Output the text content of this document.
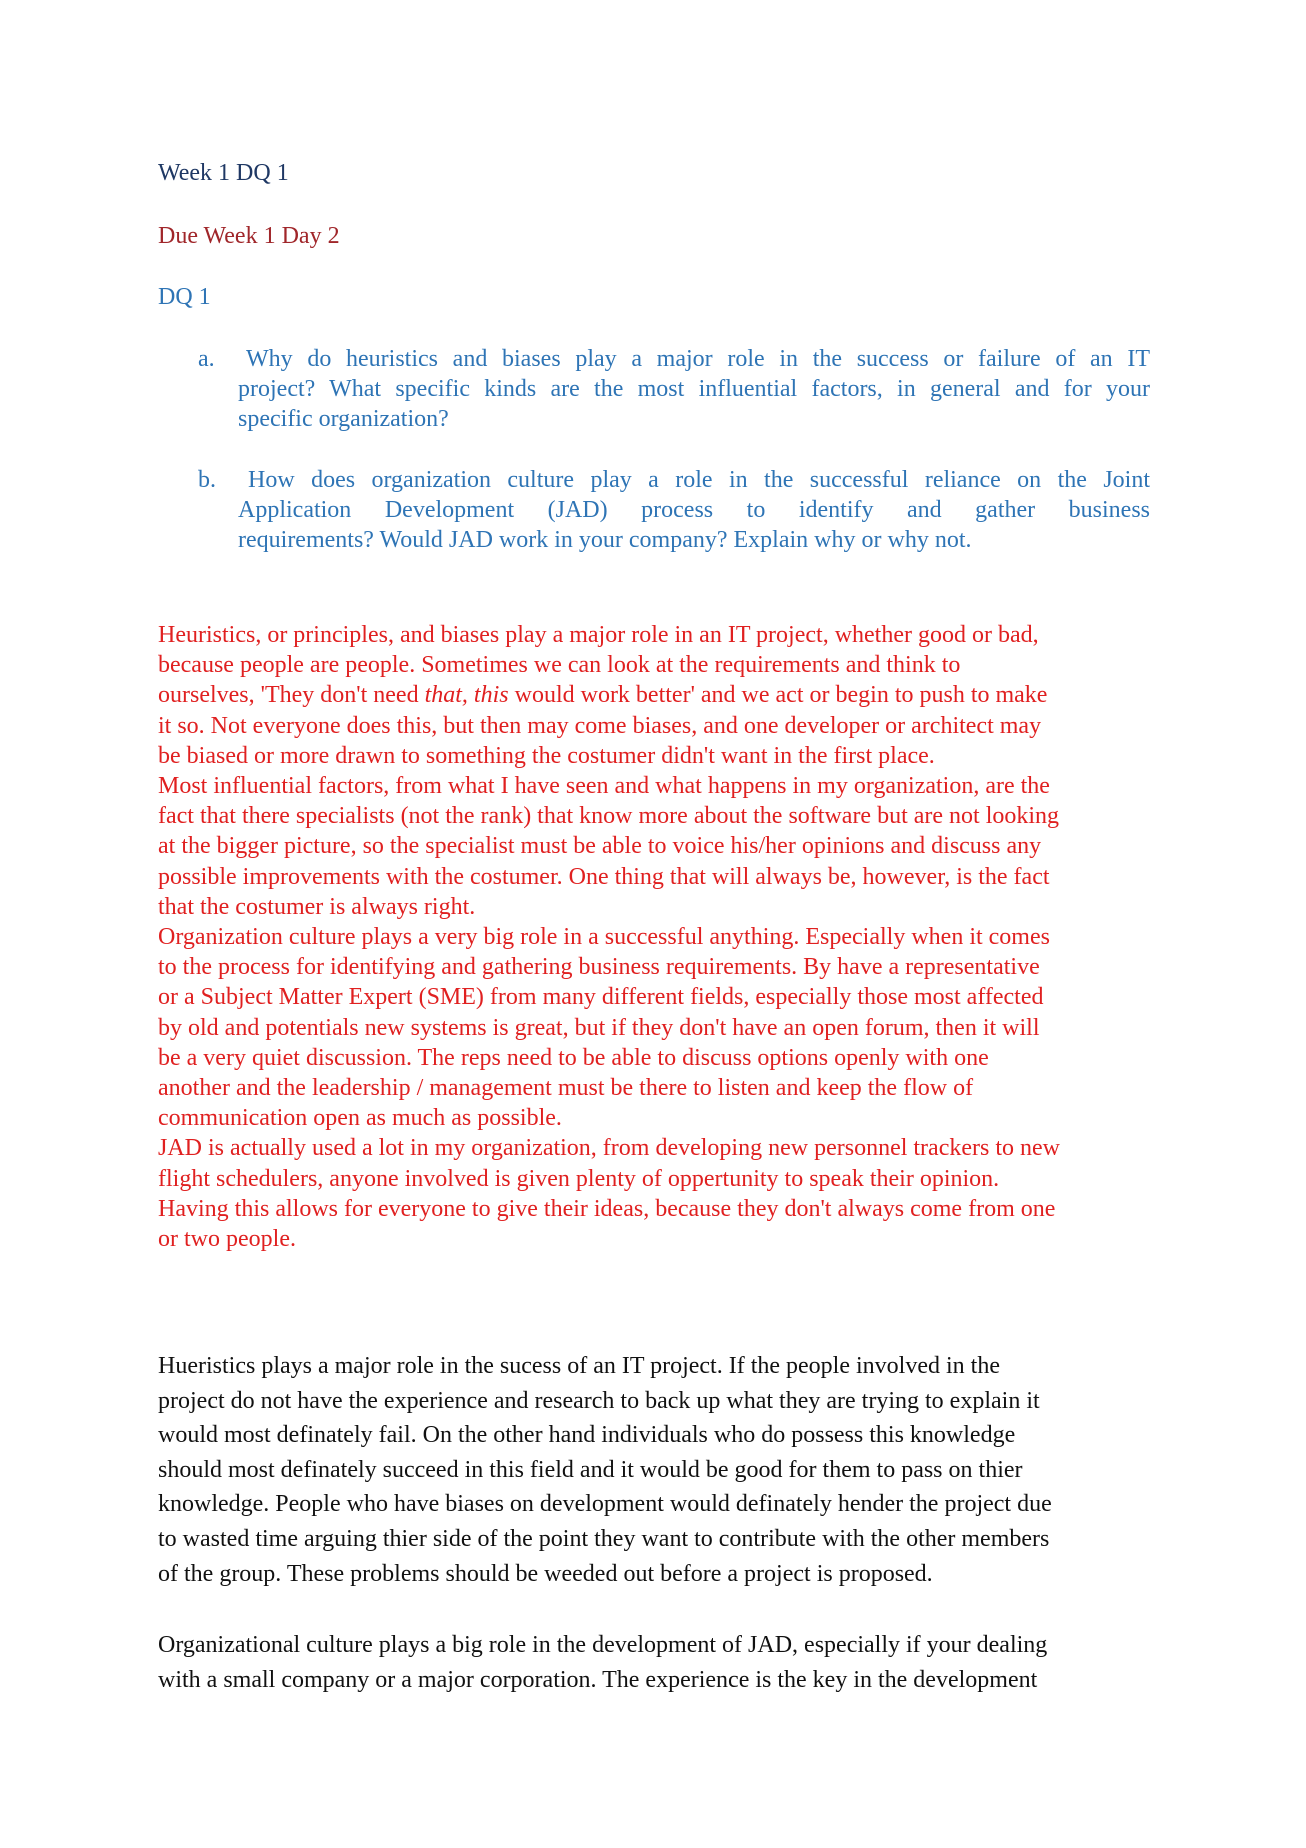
Week 1 DQ 1
Due Week 1 Day 2
DQ 1
a.	Why do heuristics and biases play a major role in the success or failure of an IT
project? What specific kinds are the most influential factors, in general and for your
specific organization?
b.	How does organization culture play a role in the successful reliance on the Joint
Application Development (JAD) process to identify and gather business
requirements? Would JAD work in your company? Explain why or why not.
Heuristics, or principles, and biases play a major role in an IT project, whether good or bad,
because people are people. Sometimes we can look at the requirements and think to
ourselves, 'They don't need that, this would work better' and we act or begin to push to make
it so. Not everyone does this, but then may come biases, and one developer or architect may
be biased or more drawn to something the costumer didn't want in the first place.
Most influential factors, from what I have seen and what happens in my organization, are the
fact that there specialists (not the rank) that know more about the software but are not looking
at the bigger picture, so the specialist must be able to voice his/her opinions and discuss any
possible improvements with the costumer. One thing that will always be, however, is the fact
that the costumer is always right.
Organization culture plays a very big role in a successful anything. Especially when it comes
to the process for identifying and gathering business requirements. By have a representative
or a Subject Matter Expert (SME) from many different fields, especially those most affected
by old and potentials new systems is great, but if they don't have an open forum, then it will
be a very quiet discussion. The reps need to be able to discuss options openly with one
another and the leadership / management must be there to listen and keep the flow of
communication open as much as possible.
JAD is actually used a lot in my organization, from developing new personnel trackers to new
flight schedulers, anyone involved is given plenty of oppertunity to speak their opinion.
Having this allows for everyone to give their ideas, because they don't always come from one
or two people.
Hueristics plays a major role in the sucess of an IT project. If the people involved in the
project do not have the experience and research to back up what they are trying to explain it
would most definately fail. On the other hand individuals who do possess this knowledge
should most definately succeed in this field and it would be good for them to pass on thier
knowledge. People who have biases on development would definately hender the project due
to wasted time arguing thier side of the point they want to contribute with the other members
of the group. These problems should be weeded out before a project is proposed.
Organizational culture plays a big role in the development of JAD, especially if your dealing
with a small company or a major corporation. The experience is the key in the development
